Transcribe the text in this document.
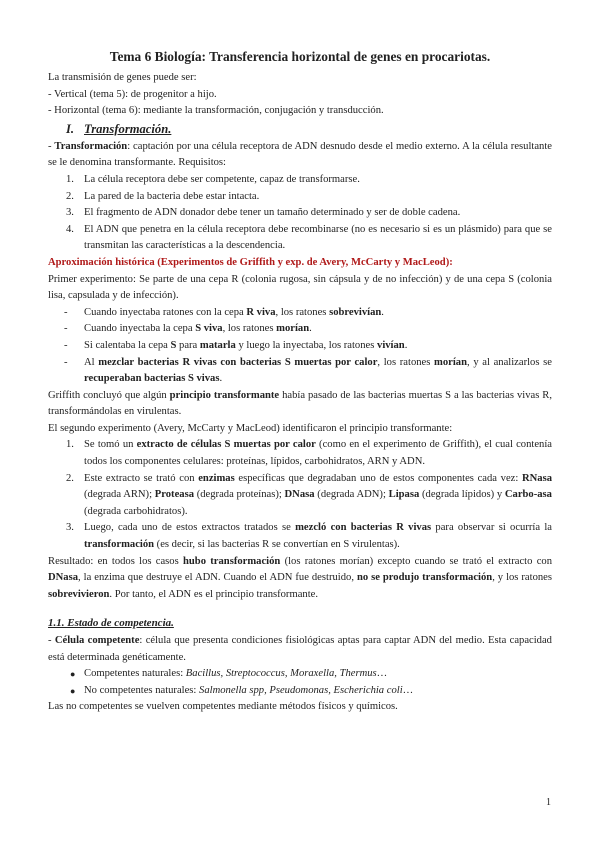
Tema 6 Biología: Transferencia horizontal de genes en procariotas.

La transmisión de genes puede ser:

- Vertical (tema 5): de progenitor a hijo.

- Horizontal (tema 6): mediante la transformación, conjugación y transducción.

I. Transformación.

- Transformación: captación por una célula receptora de ADN desnudo desde el medio externo. A la célula resultante se le denomina transformante. Requisitos:

1. La célula receptora debe ser competente, capaz de transformarse.
2. La pared de la bacteria debe estar intacta.
3. El fragmento de ADN donador debe tener un tamaño determinado y ser de doble cadena.
4. El ADN que penetra en la célula receptora debe recombinarse (no es necesario si es un plásmido) para que se transmitan las características a la descendencia.

Aproximación histórica (Experimentos de Griffith y exp. de Avery, McCarty y MacLeod):

Primer experimento: Se parte de una cepa R (colonia rugosa, sin cápsula y de no infección) y de una cepa S (colonia lisa, capsulada y de infección).

- Cuando inyectaba ratones con la cepa R viva, los ratones sobrevivían.
- Cuando inyectaba la cepa S viva, los ratones morían.
- Si calentaba la cepa S para matarla y luego la inyectaba, los ratones vivían.
- Al mezclar bacterias R vivas con bacterias S muertas por calor, los ratones morían, y al analizarlos se recuperaban bacterias S vivas.

Griffith concluyó que algún principio transformante había pasado de las bacterias muertas S a las bacterias vivas R, transformándolas en virulentas.

El segundo experimento (Avery, McCarty y MacLeod) identificaron el principio transformante:

1. Se tomó un extracto de células S muertas por calor (como en el experimento de Griffith), el cual contenía todos los componentes celulares: proteínas, lípidos, carbohidratos, ARN y ADN.
2. Este extracto se trató con enzimas específicas que degradaban uno de estos componentes cada vez: RNasa (degrada ARN); Proteasa (degrada proteínas); DNasa (degrada ADN); Lipasa (degrada lípidos) y Carbo-asa (degrada carbohidratos).
3. Luego, cada uno de estos extractos tratados se mezcló con bacterias R vivas para observar si ocurría la transformación (es decir, si las bacterias R se convertían en S virulentas).

Resultado: en todos los casos hubo transformación (los ratones morían) excepto cuando se trató el extracto con DNasa, la enzima que destruye el ADN. Cuando el ADN fue destruido, no se produjo transformación, y los ratones sobrevivieron. Por tanto, el ADN es el principio transformante.

1.1. Estado de competencia.

- Célula competente: célula que presenta condiciones fisiológicas aptas para captar ADN del medio. Esta capacidad está determinada genéticamente.

● Competentes naturales: Bacillus, Streptococcus, Moraxella, Thermus…
● No competentes naturales: Salmonella spp, Pseudomonas, Escherichia coli…

Las no competentes se vuelven competentes mediante métodos físicos y químicos.

1
